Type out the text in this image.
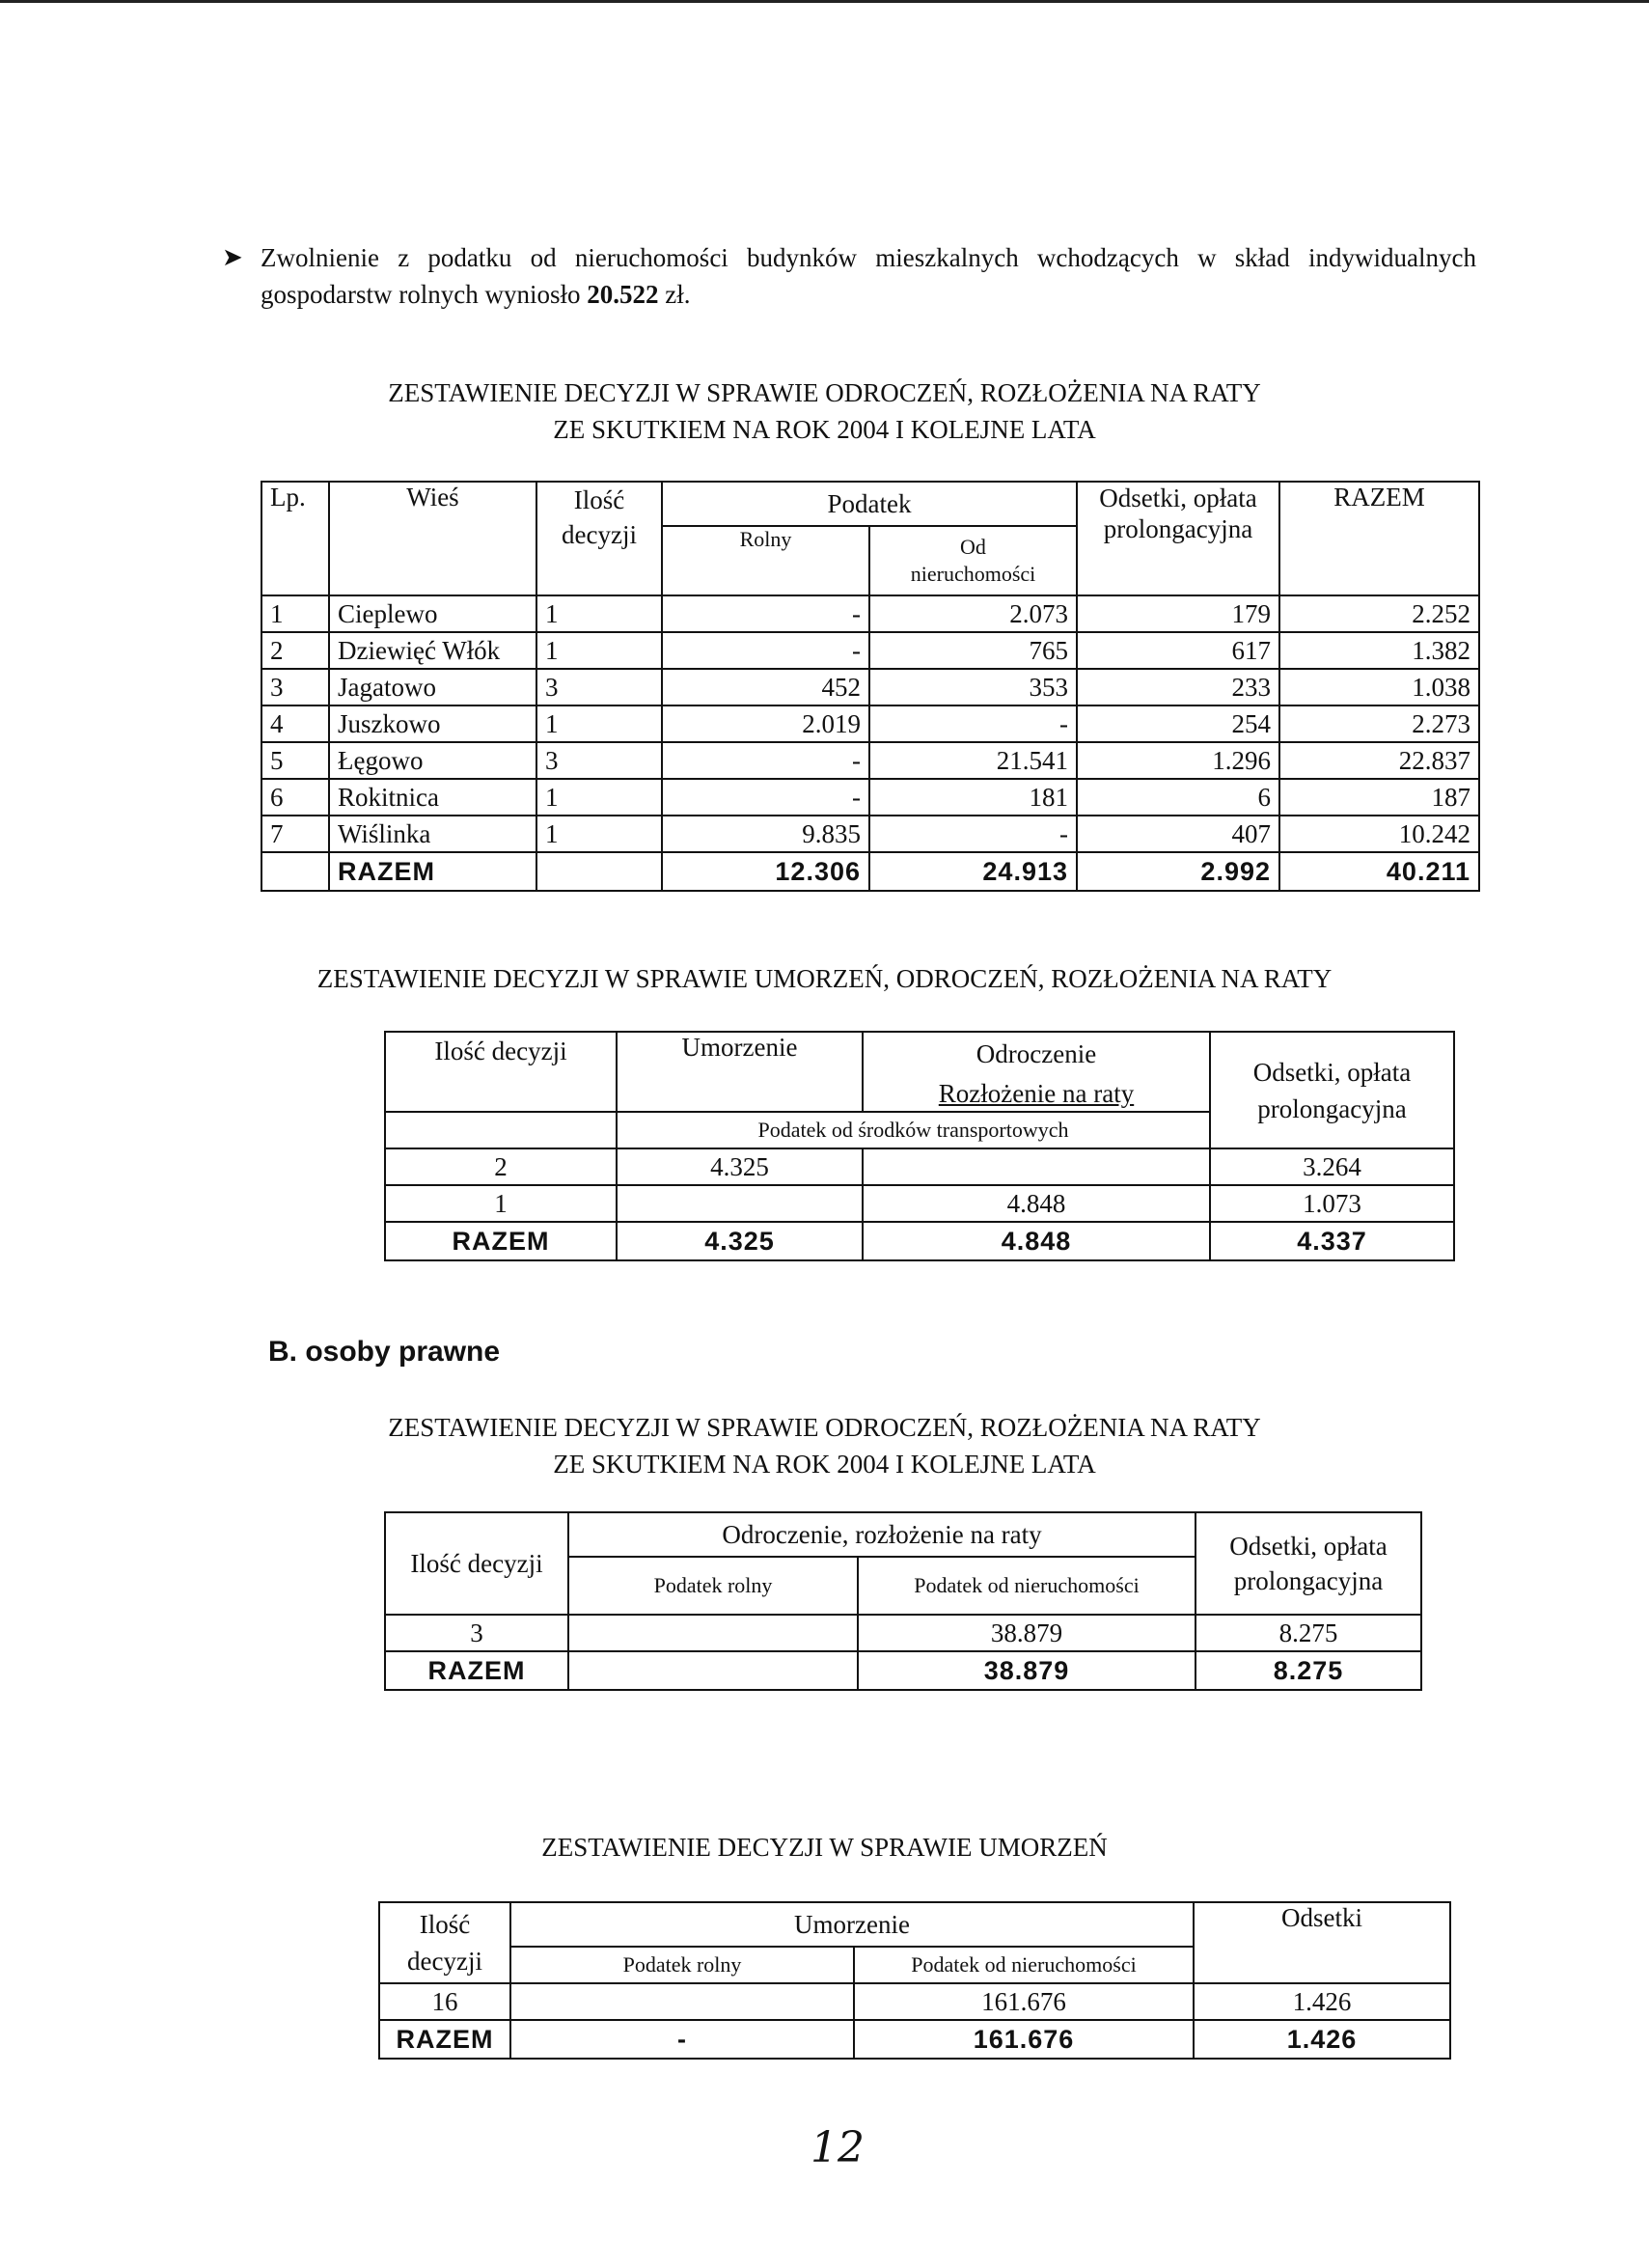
➤ Zwolnienie z podatku od nieruchomości budynków mieszkalnych wchodzących w skład indywidualnych gospodarstw rolnych wyniosło 20.522 zł.
ZESTAWIENIE DECYZJI W SPRAWIE ODROCZEŃ, ROZŁOŻENIA NA RATY
ZE SKUTKIEM NA ROK 2004 I KOLEJNE LATA
Lp.	Wieś	Ilość decyzji	Podatek		Odsetki, opłata prolongacyjna	RAZEM
			Rolny	Od
nieruchomości		

1	Cieplewo	1	-	2.073	179	2.252
2	Dziewięć Włók	1	-	765	617	1.382
3	Jagatowo	3	452	353	233	1.038
4	Juszkowo	1	2.019	-	254	2.273
5	Łęgowo	3	-	21.541	1.296	22.837
6	Rokitnica	1	-	181	6	187
7	Wiślinka	1	9.835	-	407	10.242
	RAZEM		12.306	24.913	2.992	40.211
ZESTAWIENIE DECYZJI W SPRAWIE UMORZEŃ, ODROCZEŃ, ROZŁOŻENIA NA RATY
Ilość decyzji	Umorzenie	Odroczenie	Odsetki, opłata prolongacyjna
		Rozłożenie na raty	
	Podatek od środków transportowych		
2	4.325		3.264
1		4.848	1.073
RAZEM	4.325	4.848	4.337
B. osoby prawne
ZESTAWIENIE DECYZJI W SPRAWIE ODROCZEŃ, ROZŁOŻENIA NA RATY
ZE SKUTKIEM NA ROK 2004 I KOLEJNE LATA
Ilość decyzji	Odroczenie, rozłożenie na raty		Odsetki, opłata prolongacyjna
	Podatek rolny	Podatek od nieruchomości	
3		38.879	8.275
RAZEM		38.879	8.275
ZESTAWIENIE DECYZJI W SPRAWIE UMORZEŃ
Ilość decyzji	Umorzenie		Odsetki
	Podatek rolny	Podatek od nieruchomości	
16		161.676	1.426
RAZEM	-	161.676	1.426
12
